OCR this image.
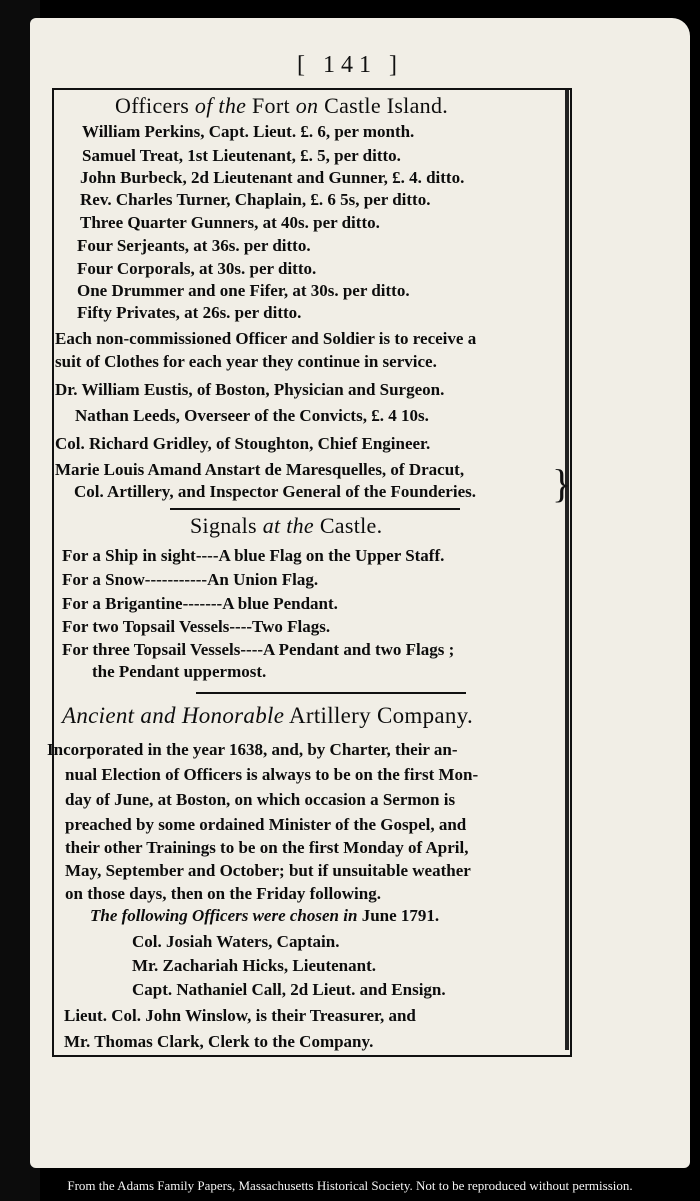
[ 141 ]
Officers of the Fort on Castle Island.
William Perkins, Capt. Lieut. £. 6, per month.
Samuel Treat, 1st Lieutenant, £. 5, per ditto.
John Burbeck, 2d Lieutenant and Gunner, £. 4. ditto.
Rev. Charles Turner, Chaplain, £. 6 5s, per ditto.
Three Quarter Gunners, at 40s. per ditto.
Four Serjeants, at 36s. per ditto.
Four Corporals, at 30s. per ditto.
One Drummer and one Fifer, at 30s. per ditto.
Fifty Privates, at 26s. per ditto.
Each non-commissioned Officer and Soldier is to receive a
suit of Clothes for each year they continue in service.
Dr. William Eustis, of Boston, Physician and Surgeon.
Nathan Leeds, Overseer of the Convicts, £. 4 10s.
Col. Richard Gridley, of Stoughton, Chief Engineer.
Marie Louis Amand Anstart de Maresquelles, of Dracut,
Col. Artillery, and Inspector General of the Founderies. }
Signals at the Castle.
For a Ship in sight----A blue Flag on the Upper Staff.
For a Snow-----------An Union Flag.
For a Brigantine-------A blue Pendant.
For two Topsail Vessels----Two Flags.
For three Topsail Vessels----A Pendant and two Flags ;
the Pendant uppermost.
Ancient and Honorable Artillery Company.
Incorporated in the year 1638, and, by Charter, their an-
nual Election of Officers is always to be on the first Mon-
day of June, at Boston, on which occasion a Sermon is
preached by some ordained Minister of the Gospel, and
their other Trainings to be on the first Monday of April,
May, September and October; but if unsuitable weather
on those days, then on the Friday following.
The following Officers were chosen in June 1791.
Col. Josiah Waters, Captain.
Mr. Zachariah Hicks, Lieutenant.
Capt. Nathaniel Call, 2d Lieut. and Ensign.
Lieut. Col. John Winslow, is their Treasurer, and
Mr. Thomas Clark, Clerk to the Company.
From the Adams Family Papers, Massachusetts Historical Society. Not to be reproduced without permission.
